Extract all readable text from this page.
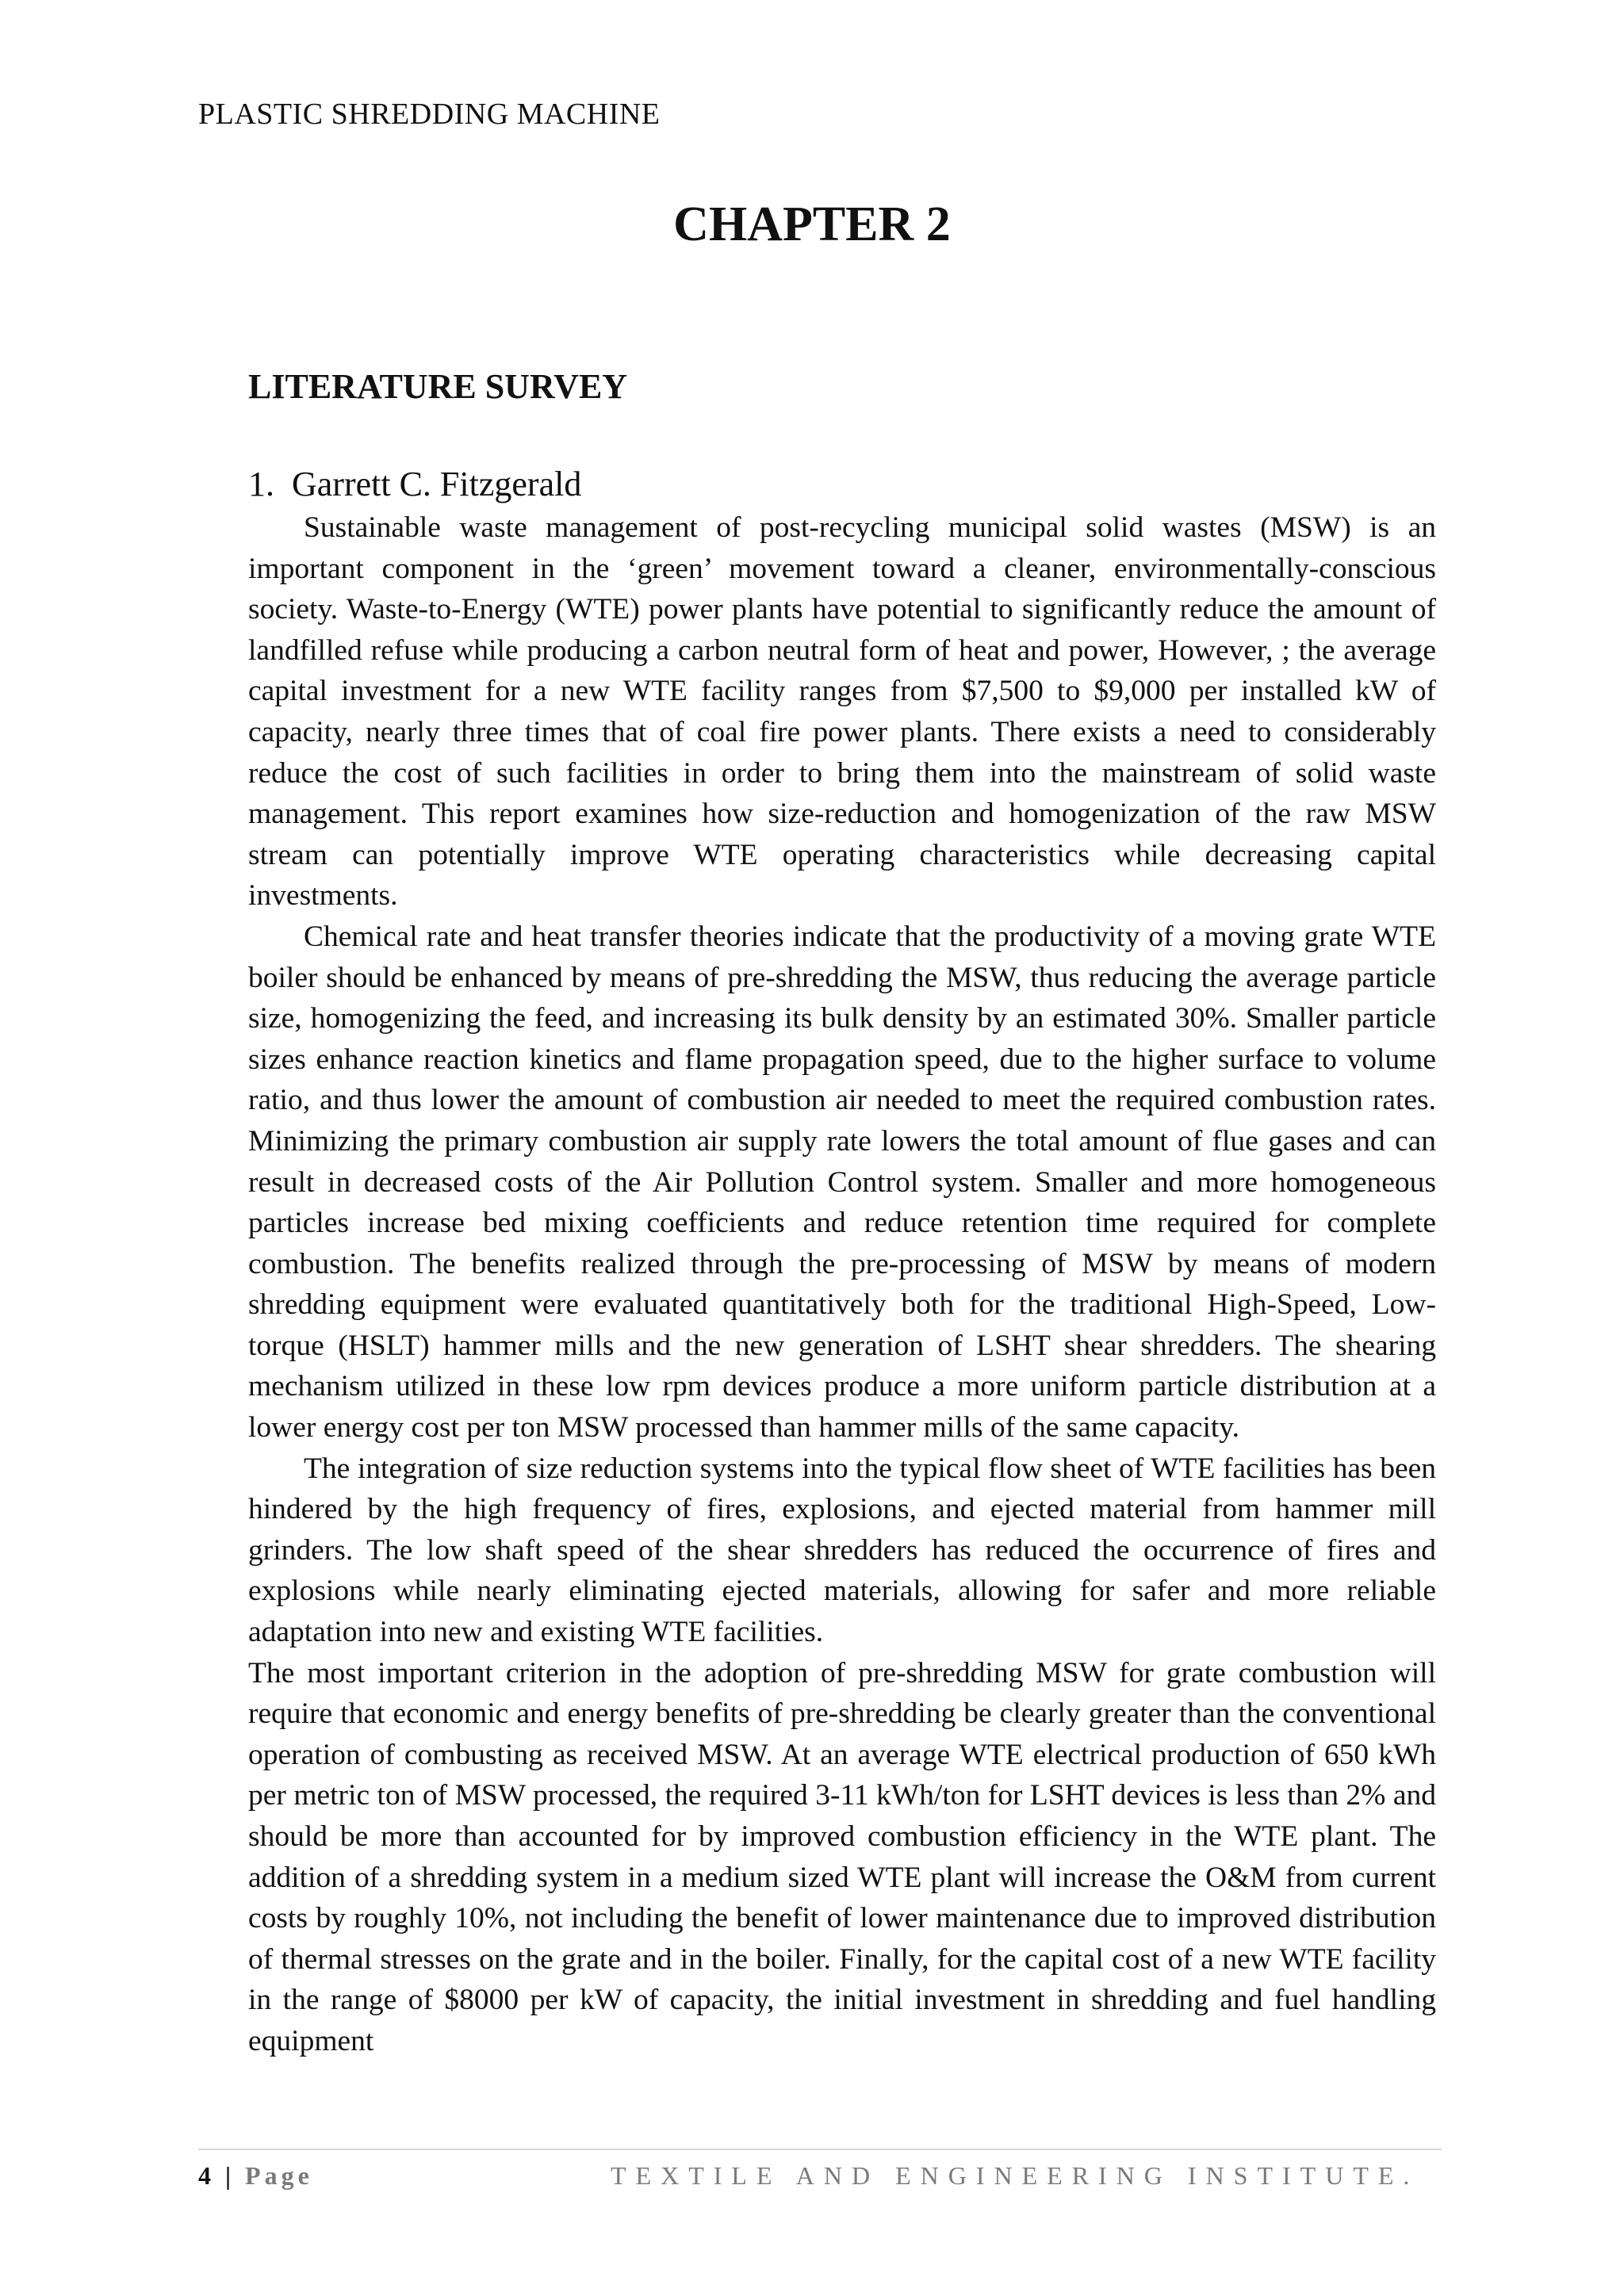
PLASTIC SHREDDING MACHINE
CHAPTER 2
LITERATURE SURVEY
1.  Garrett C. Fitzgerald

Sustainable waste management of post-recycling municipal solid wastes (MSW) is an important component in the ‘green’ movement toward a cleaner, environmentally-conscious society. Waste-to-Energy (WTE) power plants have potential to significantly reduce the amount of landfilled refuse while producing a carbon neutral form of heat and power, However, ; the average capital investment for a new WTE facility ranges from $7,500 to $9,000 per installed kW of capacity, nearly three times that of coal fire power plants. There exists a need to considerably reduce the cost of such facilities in order to bring them into the mainstream of solid waste management. This report examines how size-reduction and homogenization of the raw MSW stream can potentially improve WTE operating characteristics while decreasing capital investments.

Chemical rate and heat transfer theories indicate that the productivity of a moving grate WTE boiler should be enhanced by means of pre-shredding the MSW, thus reducing the average particle size, homogenizing the feed, and increasing its bulk density by an estimated 30%. Smaller particle sizes enhance reaction kinetics and flame propagation speed, due to the higher surface to volume ratio, and thus lower the amount of combustion air needed to meet the required combustion rates. Minimizing the primary combustion air supply rate lowers the total amount of flue gases and can result in decreased costs of the Air Pollution Control system. Smaller and more homogeneous particles increase bed mixing coefficients and reduce retention time required for complete combustion. The benefits realized through the pre-processing of MSW by means of modern shredding equipment were evaluated quantitatively both for the traditional High-Speed, Low-torque (HSLT) hammer mills and the new generation of LSHT shear shredders. The shearing mechanism utilized in these low rpm devices produce a more uniform particle distribution at a lower energy cost per ton MSW processed than hammer mills of the same capacity.

The integration of size reduction systems into the typical flow sheet of WTE facilities has been hindered by the high frequency of fires, explosions, and ejected material from hammer mill grinders. The low shaft speed of the shear shredders has reduced the occurrence of fires and explosions while nearly eliminating ejected materials, allowing for safer and more reliable adaptation into new and existing WTE facilities.

The most important criterion in the adoption of pre-shredding MSW for grate combustion will require that economic and energy benefits of pre-shredding be clearly greater than the conventional operation of combusting as received MSW. At an average WTE electrical production of 650 kWh per metric ton of MSW processed, the required 3-11 kWh/ton for LSHT devices is less than 2% and should be more than accounted for by improved combustion efficiency in the WTE plant. The addition of a shredding system in a medium sized WTE plant will increase the O&M from current costs by roughly 10%, not including the benefit of lower maintenance due to improved distribution of thermal stresses on the grate and in the boiler. Finally, for the capital cost of a new WTE facility in the range of $8000 per kW of capacity, the initial investment in shredding and fuel handling equipment

4 | Page	TEXTILE AND ENGINEERING INSTITUTE.
